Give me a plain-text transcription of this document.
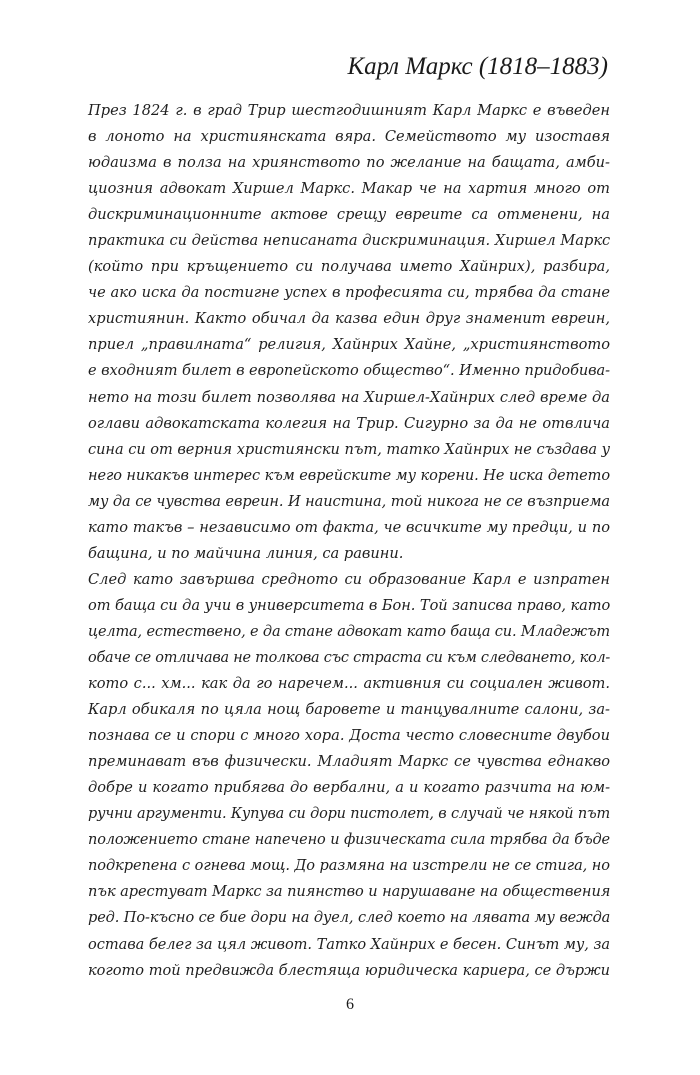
Карл Маркс (1818–1883)
През 1824 г. в град Трир шестгодишният Карл Маркс е въведен
в лоното на християнската вяра. Семейството му изоставя
юдаизма в полза на хриянството по желание на бащата, амби-
циозния адвокат Хиршел Маркс. Макар че на хартия много от
дискриминационните актове срещу евреите са отменени, на
практика си действа неписаната дискриминация. Хиршел Маркс
(който при кръщението си получава името Хайнрих), разбира,
че ако иска да постигне успех в професията си, трябва да стане
християнин. Както обичал да казва един друг знаменит евреин,
приел „правилната“ религия, Хайнрих Хайне, „християнството
е входният билет в европейското общество“. Именно придобива-
нето на този билет позволява на Хиршел-Хайнрих след време да
оглави адвокатската колегия на Трир. Сигурно за да не отвлича
сина си от верния християнски път, татко Хайнрих не създава у
него никакъв интерес към еврейските му корени. Не иска детето
му да се чувства евреин. И наистина, той никога не се възприема
като такъв – независимо от факта, че всичките му предци, и по
бащина, и по майчина линия, са равини.
След като завършва средното си образование Карл е изпратен
от баща си да учи в университета в Бон. Той записва право, като
целта, естествено, е да стане адвокат като баща си. Младежът
обаче се отличава не толкова със страста си към следването, кол-
кото с... хм... как да го наречем... активния си социален живот.
Карл обикаля по цяла нощ баровете и танцувалните салони, за-
познава се и спори с много хора. Доста често словесните двубои
преминават във физически. Младият Маркс се чувства еднакво
добре и когато прибягва до вербални, а и когато разчита на юм-
ручни аргументи. Купува си дори пистолет, в случай че някой път
положението стане напечено и физическата сила трябва да бъде
подкрепена с огнева мощ. До размяна на изстрели не се стига, но
пък арестуват Маркс за пиянство и нарушаване на обществения
ред. По-късно се бие дори на дуел, след което на лявата му вежда
остава белег за цял живот. Татко Хайнрих е бесен. Синът му, за
когото той предвижда блестяща юридическа кариера, се държи
6
